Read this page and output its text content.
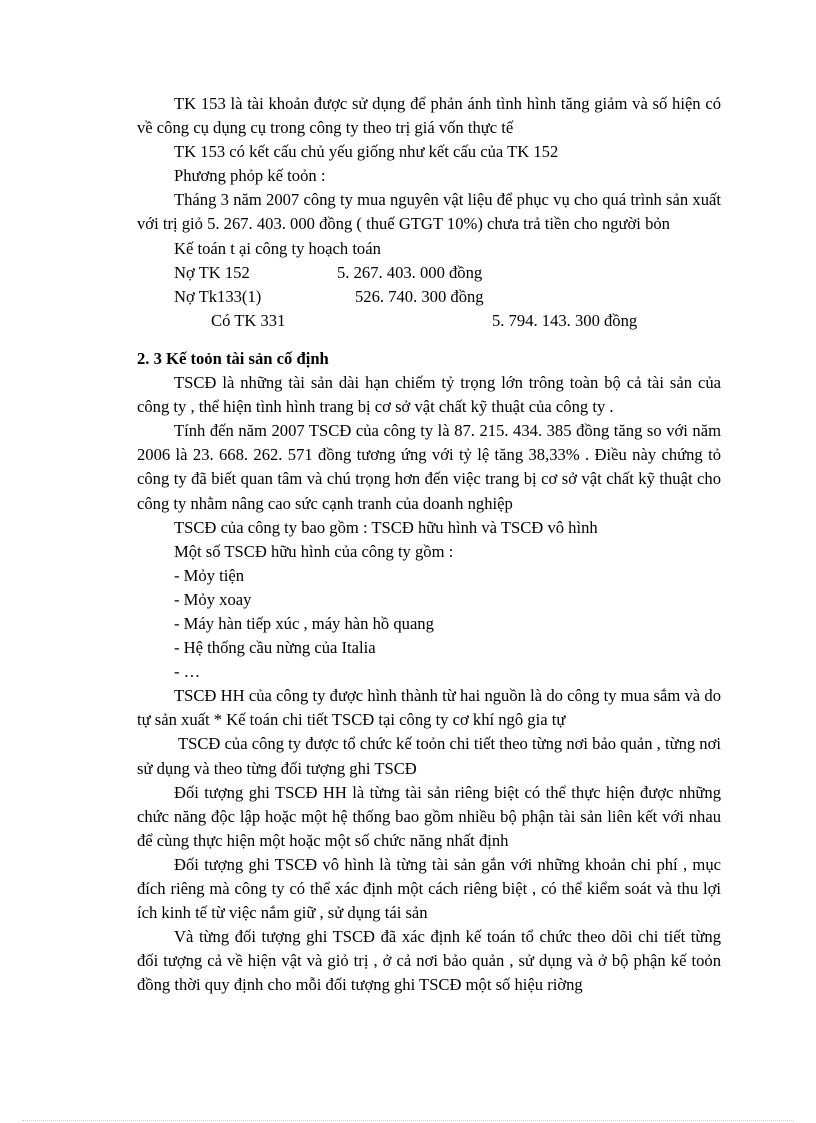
TK 153 là tài khoản được sử dụng để phản ánh tình hình tăng giảm và số hiện có về công cụ dụng cụ trong công ty theo trị giá vốn thực tế

TK 153 có kết cấu chủ yếu giống như kết cấu của TK 152

Phương phỏp kế toỏn :

Tháng 3 năm 2007 công ty mua nguyên vật liệu để phục vụ cho quá trình sản xuất với trị giỏ 5. 267. 403. 000 đồng ( thuế GTGT 10%) chưa trả tiền cho người bỏn

Kế toán t ại công ty hoạch toán

Nợ TK 152	5. 267. 403. 000 đồng
Nợ Tk133(1)	526. 740. 300 đồng
Có TK 331	5. 794. 143. 300 đồng

2. 3 Kế toỏn tài sản cố định

TSCĐ là những tài sản dài hạn chiếm tỷ trọng lớn trông toàn bộ cả tài sản của công ty , thể hiện tình hình trang bị cơ sở vật chất kỹ thuật của công ty .

Tính đến năm 2007 TSCĐ của công ty là 87. 215. 434. 385 đồng tăng so với năm 2006 là 23. 668. 262. 571 đồng tương ứng với tỷ lệ tăng 38,33% . Điều này chứng tỏ công ty đã biết quan tâm và chú trọng hơn đến việc trang bị cơ sở vật chất kỹ thuật cho công ty nhằm nâng cao sức cạnh tranh của doanh nghiệp

TSCĐ của công ty bao gồm : TSCĐ hữu hình và TSCĐ vô hình

Một số TSCĐ hữu hình của công ty gồm :

- Mỏy tiện

- Mỏy xoay

- Máy hàn tiếp xúc , máy hàn hồ quang

- Hệ thống cầu nừng của Italia

- …

TSCĐ HH của công ty được hình thành từ hai nguồn là do công ty mua sắm và do tự sản xuất * Kế toán chi tiết TSCĐ tại công ty cơ khí ngô gia tự

TSCĐ của công ty được tổ chức kế toỏn chi tiết theo từng nơi bảo quản , từng nơi sử dụng và theo từng đối tượng ghi TSCĐ

Đối tượng ghi TSCĐ HH là từng tài sản riêng biệt có thể thực hiện được những chức năng độc lập hoặc một hệ thống bao gồm nhiều bộ phận tài sản liên kết với nhau để cùng thực hiện một hoặc một số chức năng nhất định

Đối tượng ghi TSCĐ vô hình là từng tài sản gắn với những khoản chi phí , mục đích riêng mà công ty có thể xác định một cách riêng biệt , có thể kiểm soát và thu lợi ích kinh tế từ việc nắm giữ , sử dụng tái sản

Và từng đối tượng ghi TSCĐ đã xác định kế toán tổ chức theo dõi chi tiết từng đối tượng cả về hiện vật và giỏ trị , ở cả nơi bảo quản , sử dụng và ở bộ phận kế toỏn đồng thời quy định cho mỗi đối tượng ghi TSCĐ một số hiệu riờng
